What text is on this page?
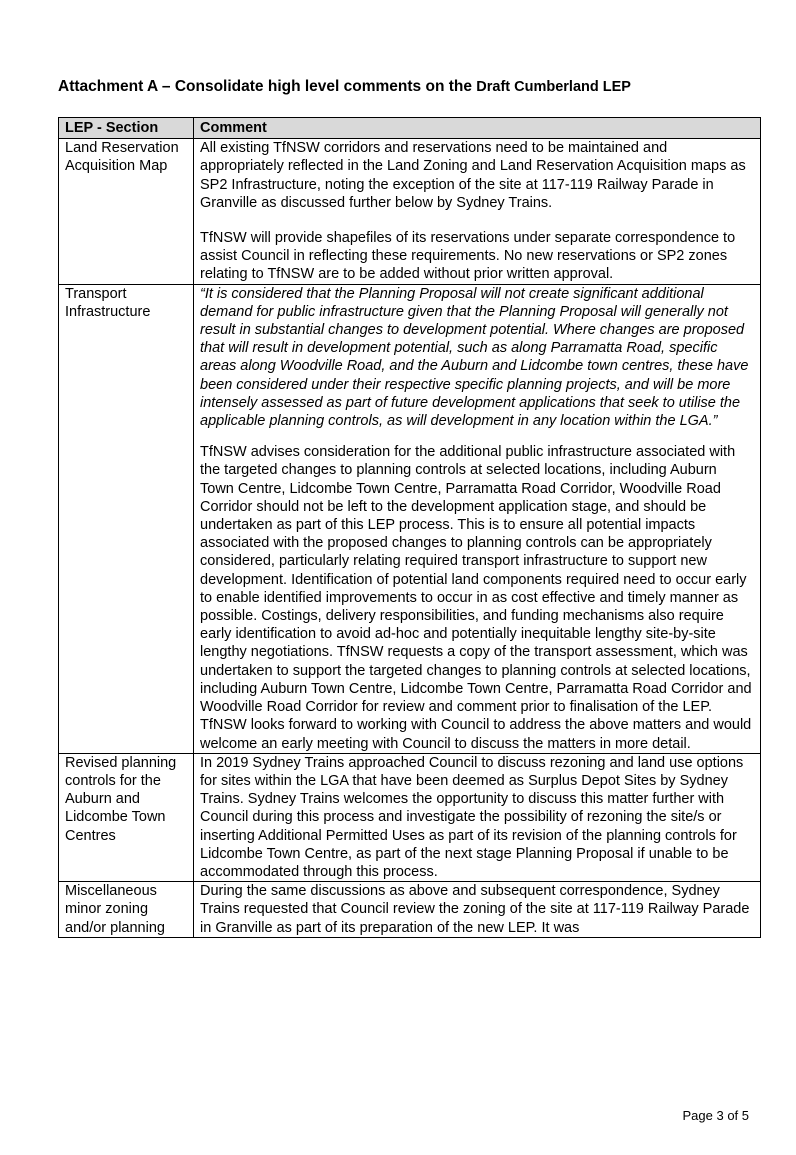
Attachment A – Consolidate high level comments on the Draft Cumberland LEP
LEP - Section	Comment
Land Reservation Acquisition Map	All existing TfNSW corridors and reservations need to be maintained and appropriately reflected in the Land Zoning and Land Reservation Acquisition maps as SP2 Infrastructure, noting the exception of the site at 117-119 Railway Parade in Granville as discussed further below by Sydney Trains.

TfNSW will provide shapefiles of its reservations under separate correspondence to assist Council in reflecting these requirements. No new reservations or SP2 zones relating to TfNSW are to be added without prior written approval.

Transport Infrastructure	“It is considered that the Planning Proposal will not create significant additional demand for public infrastructure given that the Planning Proposal will generally not result in substantial changes to development potential. Where changes are proposed that will result in development potential, such as along Parramatta Road, specific areas along Woodville Road, and the Auburn and Lidcombe town centres, these have been considered under their respective specific planning projects, and will be more intensely assessed as part of future development applications that seek to utilise the applicable planning controls, as will development in any location within the LGA.”

TfNSW advises consideration for the additional public infrastructure associated with the targeted changes to planning controls at selected locations, including Auburn Town Centre, Lidcombe Town Centre, Parramatta Road Corridor, Woodville Road Corridor should not be left to the development application stage, and should be undertaken as part of this LEP process. This is to ensure all potential impacts associated with the proposed changes to planning controls can be appropriately considered, particularly relating required transport infrastructure to support new development. Identification of potential land components required need to occur early to enable identified improvements to occur in as cost effective and timely manner as possible. Costings, delivery responsibilities, and funding mechanisms also require early identification to avoid ad-hoc and potentially inequitable lengthy site-by-site lengthy negotiations. TfNSW requests a copy of the transport assessment, which was undertaken to support the targeted changes to planning controls at selected locations, including Auburn Town Centre, Lidcombe Town Centre, Parramatta Road Corridor and Woodville Road Corridor for review and comment prior to finalisation of the LEP. TfNSW looks forward to working with Council to address the above matters and would welcome an early meeting with Council to discuss the matters in more detail.

Revised planning controls for the Auburn and Lidcombe Town Centres	In 2019 Sydney Trains approached Council to discuss rezoning and land use options for sites within the LGA that have been deemed as Surplus Depot Sites by Sydney Trains. Sydney Trains welcomes the opportunity to discuss this matter further with Council during this process and investigate the possibility of rezoning the site/s or inserting Additional Permitted Uses as part of its revision of the planning controls for Lidcombe Town Centre, as part of the next stage Planning Proposal if unable to be accommodated through this process.

Miscellaneous minor zoning and/or planning	During the same discussions as above and subsequent correspondence, Sydney Trains requested that Council review the zoning of the site at 117-119 Railway Parade in Granville as part of its preparation of the new LEP. It was

Page 3 of 5
